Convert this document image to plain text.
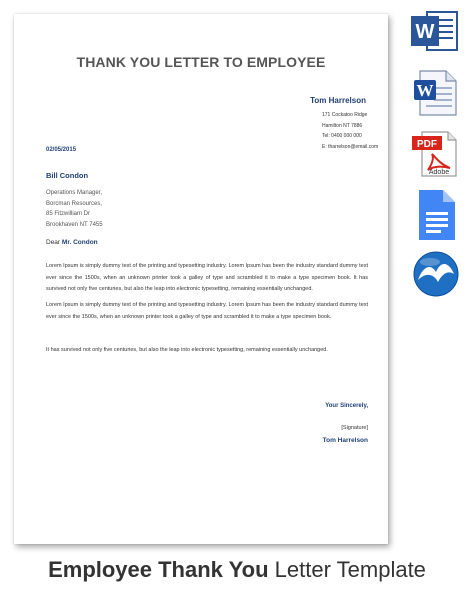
THANK YOU LETTER TO EMPLOYEE
Tom Harrelson
171 Cockatoo Ridge
Hamilton NT 7886
Tel: 0400 000 000
E: tharrelson@email.com
02/05/2015
Bill Condon
Operations Manager,
Borcman Resources,
85 Fitzwilliam Dr
Brookhaven NT 7455
Dear Mr. Condon
Lorem Ipsum is simply dummy text of the printing and typesetting industry. Lorem Ipsum has been the industry standard dummy text ever since the 1500s, when an unknown printer took a galley of type and scrambled it to make a type specimen book. It has survived not only five centuries, but also the leap into electronic typesetting, remaining essentially unchanged.
Lorem Ipsum is simply dummy text of the printing and typesetting industry. Lorem Ipsum has been the industry standard dummy text ever since the 1500s, when an unknown printer took a galley of type and scrambled it to make a type specimen book.
It has survived not only five centuries, but also the leap into electronic typesetting, remaining essentially unchanged.
Your Sincerely,
[Signature]
Tom Harrelson
W
W
PDF
Adobe
Employee Thank You Letter Template
